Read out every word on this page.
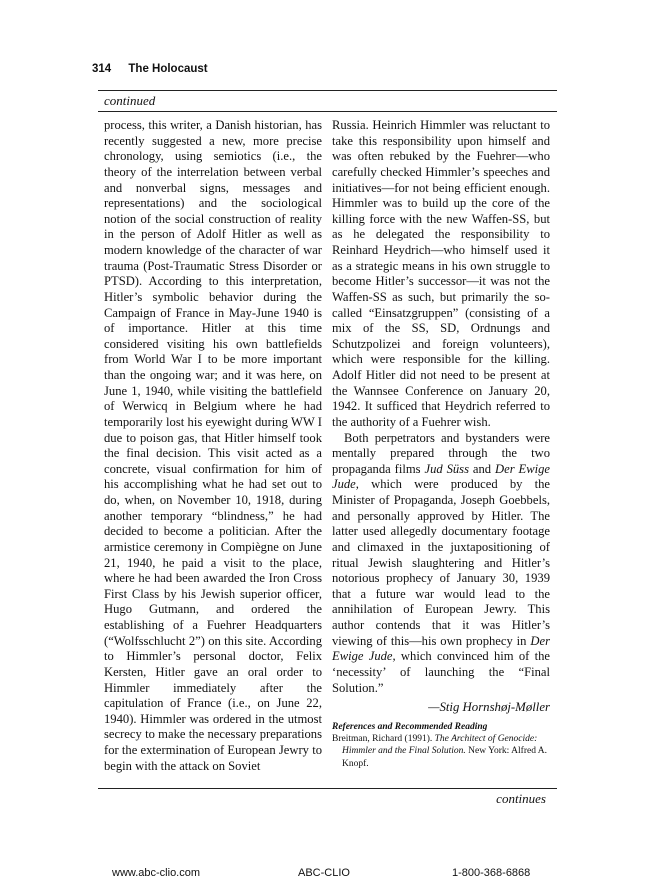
314 The Holocaust
continued

process, this writer, a Danish historian, has recently suggested a new, more precise chronology, using semiotics (i.e., the theory of the interrelation between verbal and nonverbal signs, messages and representations) and the sociological notion of the social construction of reality in the person of Adolf Hitler as well as modern knowledge of the character of war trauma (Post-Traumatic Stress Disorder or PTSD). According to this interpretation, Hitler’s symbolic behavior during the Campaign of France in May-June 1940 is of importance. Hitler at this time considered visiting his own battlefields from World War I to be more important than the ongoing war; and it was here, on June 1, 1940, while visiting the battlefield of Werwicq in Belgium where he had temporarily lost his eyewight during WW I due to poison gas, that Hitler himself took the final decision. This visit acted as a concrete, visual confirmation for him of his accomplishing what he had set out to do, when, on November 10, 1918, during another temporary “blindness,” he had decided to become a politician. After the armistice ceremony in Compiègne on June 21, 1940, he paid a visit to the place, where he had been awarded the Iron Cross First Class by his Jewish superior officer, Hugo Gutmann, and ordered the establishing of a Fuehrer Headquarters (“Wolfsschlucht 2”) on this site. According to Himmler’s personal doctor, Felix Kersten, Hitler gave an oral order to Himmler immediately after the capitulation of France (i.e., on June 22, 1940). Himmler was ordered in the utmost secrecy to make the necessary preparations for the extermination of European Jewry to begin with the attack on Soviet

Russia. Heinrich Himmler was reluctant to take this responsibility upon himself and was often rebuked by the Fuehrer—who carefully checked Himmler’s speeches and initiatives—for not being efficient enough. Himmler was to build up the core of the killing force with the new Waffen-SS, but as he delegated the responsibility to Reinhard Heydrich—who himself used it as a strategic means in his own struggle to become Hitler’s successor—it was not the Waffen-SS as such, but primarily the so-called “Einsatzgruppen” (consisting of a mix of the SS, SD, Ordnungs and Schutzpolizei and foreign volunteers), which were responsible for the killing. Adolf Hitler did not need to be present at the Wannsee Conference on January 20, 1942. It sufficed that Heydrich referred to the authority of a Fuehrer wish.

Both perpetrators and bystanders were mentally prepared through the two propaganda films Jud Süss and Der Ewige Jude, which were produced by the Minister of Propaganda, Joseph Goebbels, and personally approved by Hitler. The latter used allegedly documentary footage and climaxed in the juxtapositioning of ritual Jewish slaughtering and Hitler’s notorious prophecy of January 30, 1939 that a future war would lead to the annihilation of European Jewry. This author contends that it was Hitler’s viewing of this—his own prophecy in Der Ewige Jude, which convinced him of the ‘necessity’ of launching the “Final Solution.”

—Stig Hornshøj-Møller
References and Recommended Reading
Breitman, Richard (1991). The Architect of Genocide: Himmler and the Final Solution. New York: Alfred A. Knopf.
continues
www.abc-clio.com	ABC-CLIO	1-800-368-6868
